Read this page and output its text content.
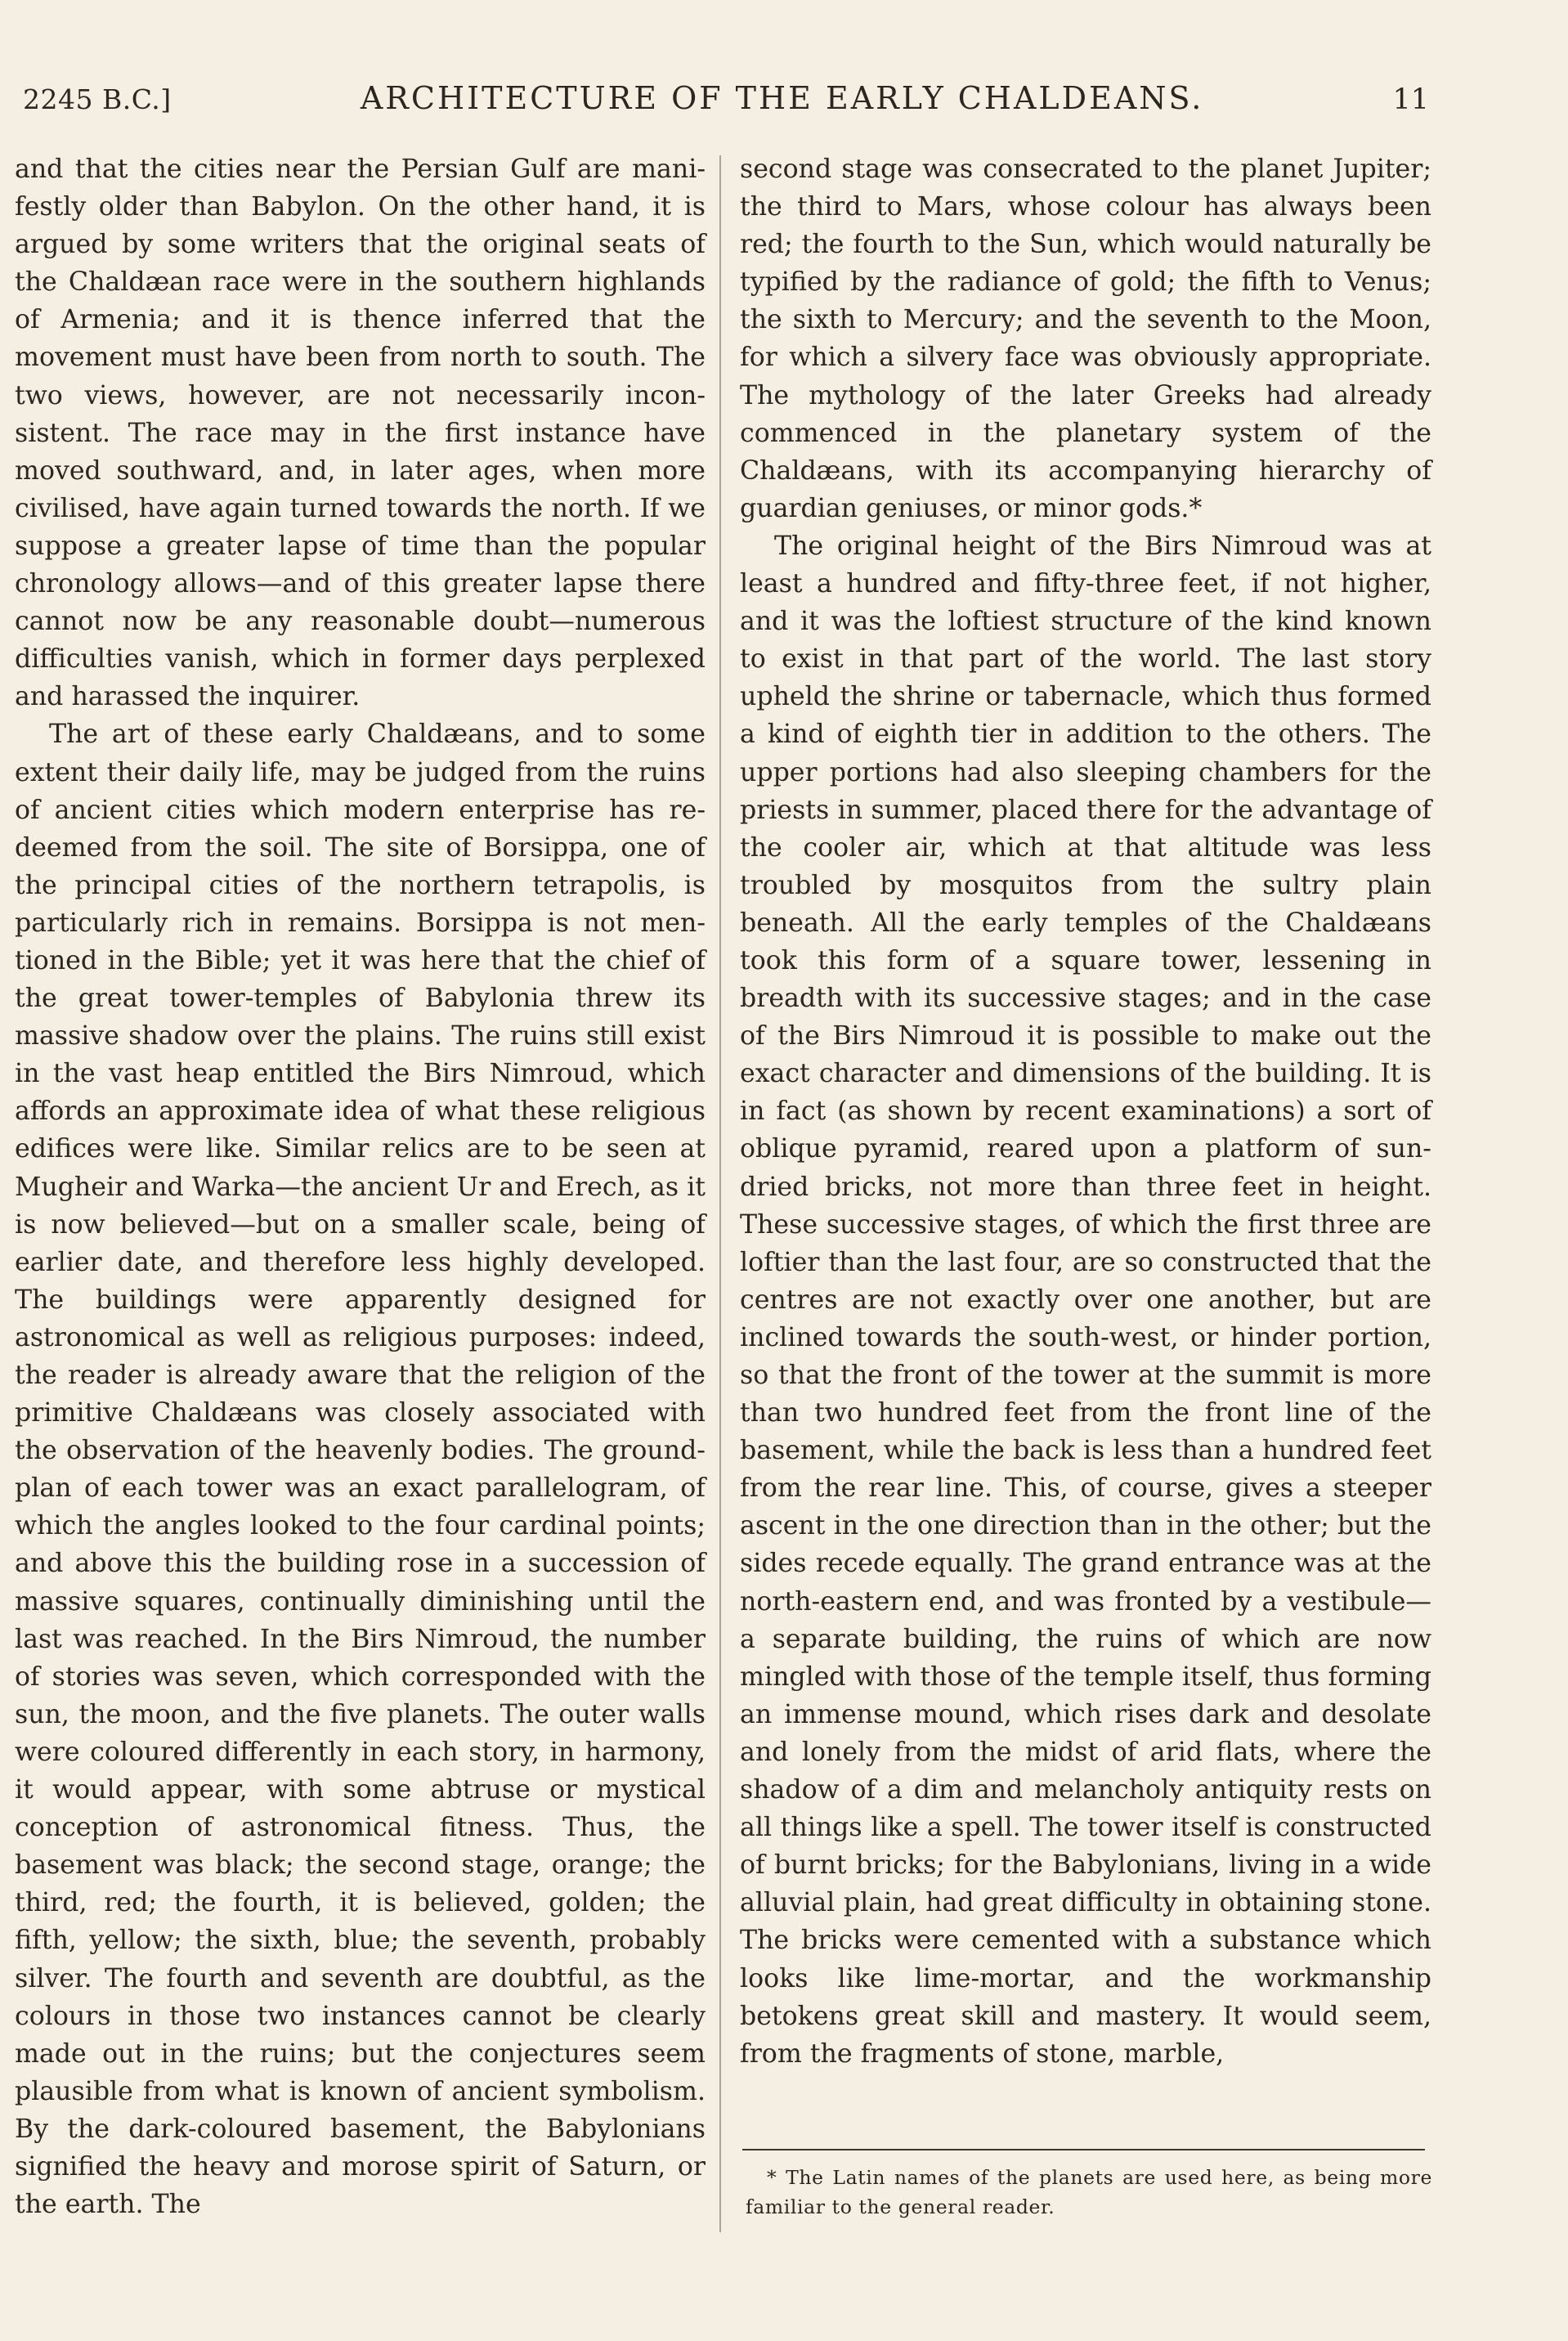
2245 B.C.]	ARCHITECTURE OF THE EARLY CHALDEANS.	11

and that the cities near the Persian Gulf are manifestly older than Babylon. On the other hand, it is argued by some writers that the original seats of the Chaldæan race were in the southern highlands of Armenia; and it is thence inferred that the movement must have been from north to south. The two views, however, are not necessarily inconsistent. The race may in the first instance have moved southward, and, in later ages, when more civilised, have again turned towards the north. If we suppose a greater lapse of time than the popular chronology allows—and of this greater lapse there cannot now be any reasonable doubt—numerous difficulties vanish, which in former days perplexed and harassed the inquirer.

The art of these early Chaldæans, and to some extent their daily life, may be judged from the ruins of ancient cities which modern enterprise has redeemed from the soil. The site of Borsippa, one of the principal cities of the northern tetrapolis, is particularly rich in remains. Borsippa is not mentioned in the Bible; yet it was here that the chief of the great tower-temples of Babylonia threw its massive shadow over the plains. The ruins still exist in the vast heap entitled the Birs Nimroud, which affords an approximate idea of what these religious edifices were like. Similar relics are to be seen at Mugheir and Warka—the ancient Ur and Erech, as it is now believed—but on a smaller scale, being of earlier date, and therefore less highly developed. The buildings were apparently designed for astronomical as well as religious purposes: indeed, the reader is already aware that the religion of the primitive Chaldæans was closely associated with the observation of the heavenly bodies. The ground-plan of each tower was an exact parallelogram, of which the angles looked to the four cardinal points; and above this the building rose in a succession of massive squares, continually diminishing until the last was reached. In the Birs Nimroud, the number of stories was seven, which corresponded with the sun, the moon, and the five planets. The outer walls were coloured differently in each story, in harmony, it would appear, with some abtruse or mystical conception of astronomical fitness. Thus, the basement was black; the second stage, orange; the third, red; the fourth, it is believed, golden; the fifth, yellow; the sixth, blue; the seventh, probably silver. The fourth and seventh are doubtful, as the colours in those two instances cannot be clearly made out in the ruins; but the conjectures seem plausible from what is known of ancient symbolism. By the dark-coloured basement, the Babylonians signified the heavy and morose spirit of Saturn, or the earth. The

second stage was consecrated to the planet Jupiter; the third to Mars, whose colour has always been red; the fourth to the Sun, which would naturally be typified by the radiance of gold; the fifth to Venus; the sixth to Mercury; and the seventh to the Moon, for which a silvery face was obviously appropriate. The mythology of the later Greeks had already commenced in the planetary system of the Chaldæans, with its accompanying hierarchy of guardian geniuses, or minor gods.*

The original height of the Birs Nimroud was at least a hundred and fifty-three feet, if not higher, and it was the loftiest structure of the kind known to exist in that part of the world. The last story upheld the shrine or tabernacle, which thus formed a kind of eighth tier in addition to the others. The upper portions had also sleeping chambers for the priests in summer, placed there for the advantage of the cooler air, which at that altitude was less troubled by mosquitos from the sultry plain beneath. All the early temples of the Chaldæans took this form of a square tower, lessening in breadth with its successive stages; and in the case of the Birs Nimroud it is possible to make out the exact character and dimensions of the building. It is in fact (as shown by recent examinations) a sort of oblique pyramid, reared upon a platform of sun-dried bricks, not more than three feet in height. These successive stages, of which the first three are loftier than the last four, are so constructed that the centres are not exactly over one another, but are inclined towards the south-west, or hinder portion, so that the front of the tower at the summit is more than two hundred feet from the front line of the basement, while the back is less than a hundred feet from the rear line. This, of course, gives a steeper ascent in the one direction than in the other; but the sides recede equally. The grand entrance was at the north-eastern end, and was fronted by a vestibule—a separate building, the ruins of which are now mingled with those of the temple itself, thus forming an immense mound, which rises dark and desolate and lonely from the midst of arid flats, where the shadow of a dim and melancholy antiquity rests on all things like a spell. The tower itself is constructed of burnt bricks; for the Babylonians, living in a wide alluvial plain, had great difficulty in obtaining stone. The bricks were cemented with a substance which looks like lime-mortar, and the workmanship betokens great skill and mastery. It would seem, from the fragments of stone, marble,

* The Latin names of the planets are used here, as being more familiar to the general reader.
